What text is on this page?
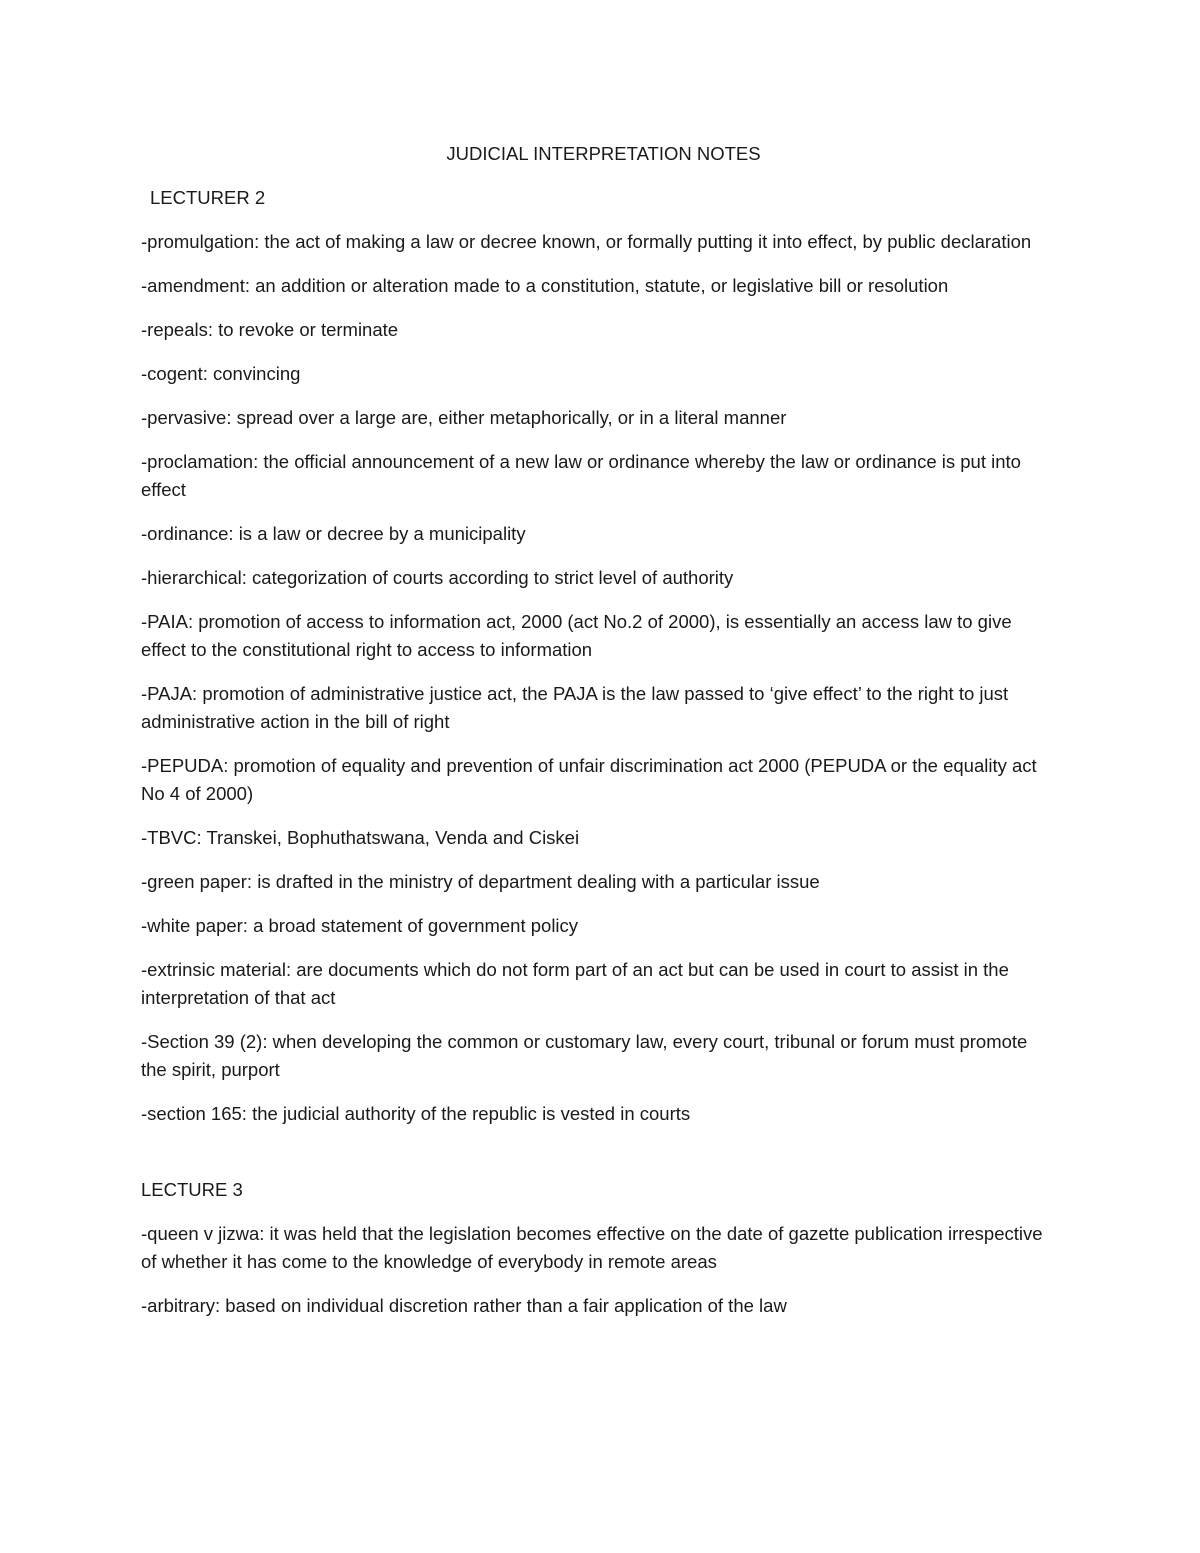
JUDICIAL INTERPRETATION NOTES
LECTURER 2
-promulgation: the act of making a law or decree known, or formally putting it into effect, by public declaration
-amendment: an addition or alteration made to a constitution, statute, or legislative bill or resolution
-repeals: to revoke or terminate
-cogent: convincing
-pervasive: spread over a large are, either metaphorically, or in a literal manner
-proclamation: the official announcement of a new law or ordinance whereby the law or ordinance is put into effect
-ordinance: is a law or decree by a municipality
-hierarchical: categorization of courts according to strict level of authority
-PAIA: promotion of access to information act, 2000 (act No.2 of 2000), is essentially an access law to give effect to the constitutional right to access to information
-PAJA: promotion of administrative justice act, the PAJA is the law passed to ‘give effect’ to the right to just administrative action in the bill of right
-PEPUDA: promotion of equality and prevention of unfair discrimination act 2000 (PEPUDA or the equality act No 4 of 2000)
-TBVC: Transkei, Bophuthatswana, Venda and Ciskei
-green paper: is drafted in the ministry of department dealing with a particular issue
-white paper: a broad statement of government policy
-extrinsic material: are documents which do not form part of an act but can be used in court to assist in the interpretation of that act
-Section 39 (2): when developing the common or customary law, every court, tribunal or forum must promote the spirit, purport
-section 165: the judicial authority of the republic is vested in courts
LECTURE 3
-queen v jizwa: it was held that the legislation becomes effective on the date of gazette publication irrespective of whether it has come to the knowledge of everybody in remote areas
-arbitrary: based on individual discretion rather than a fair application of the law
